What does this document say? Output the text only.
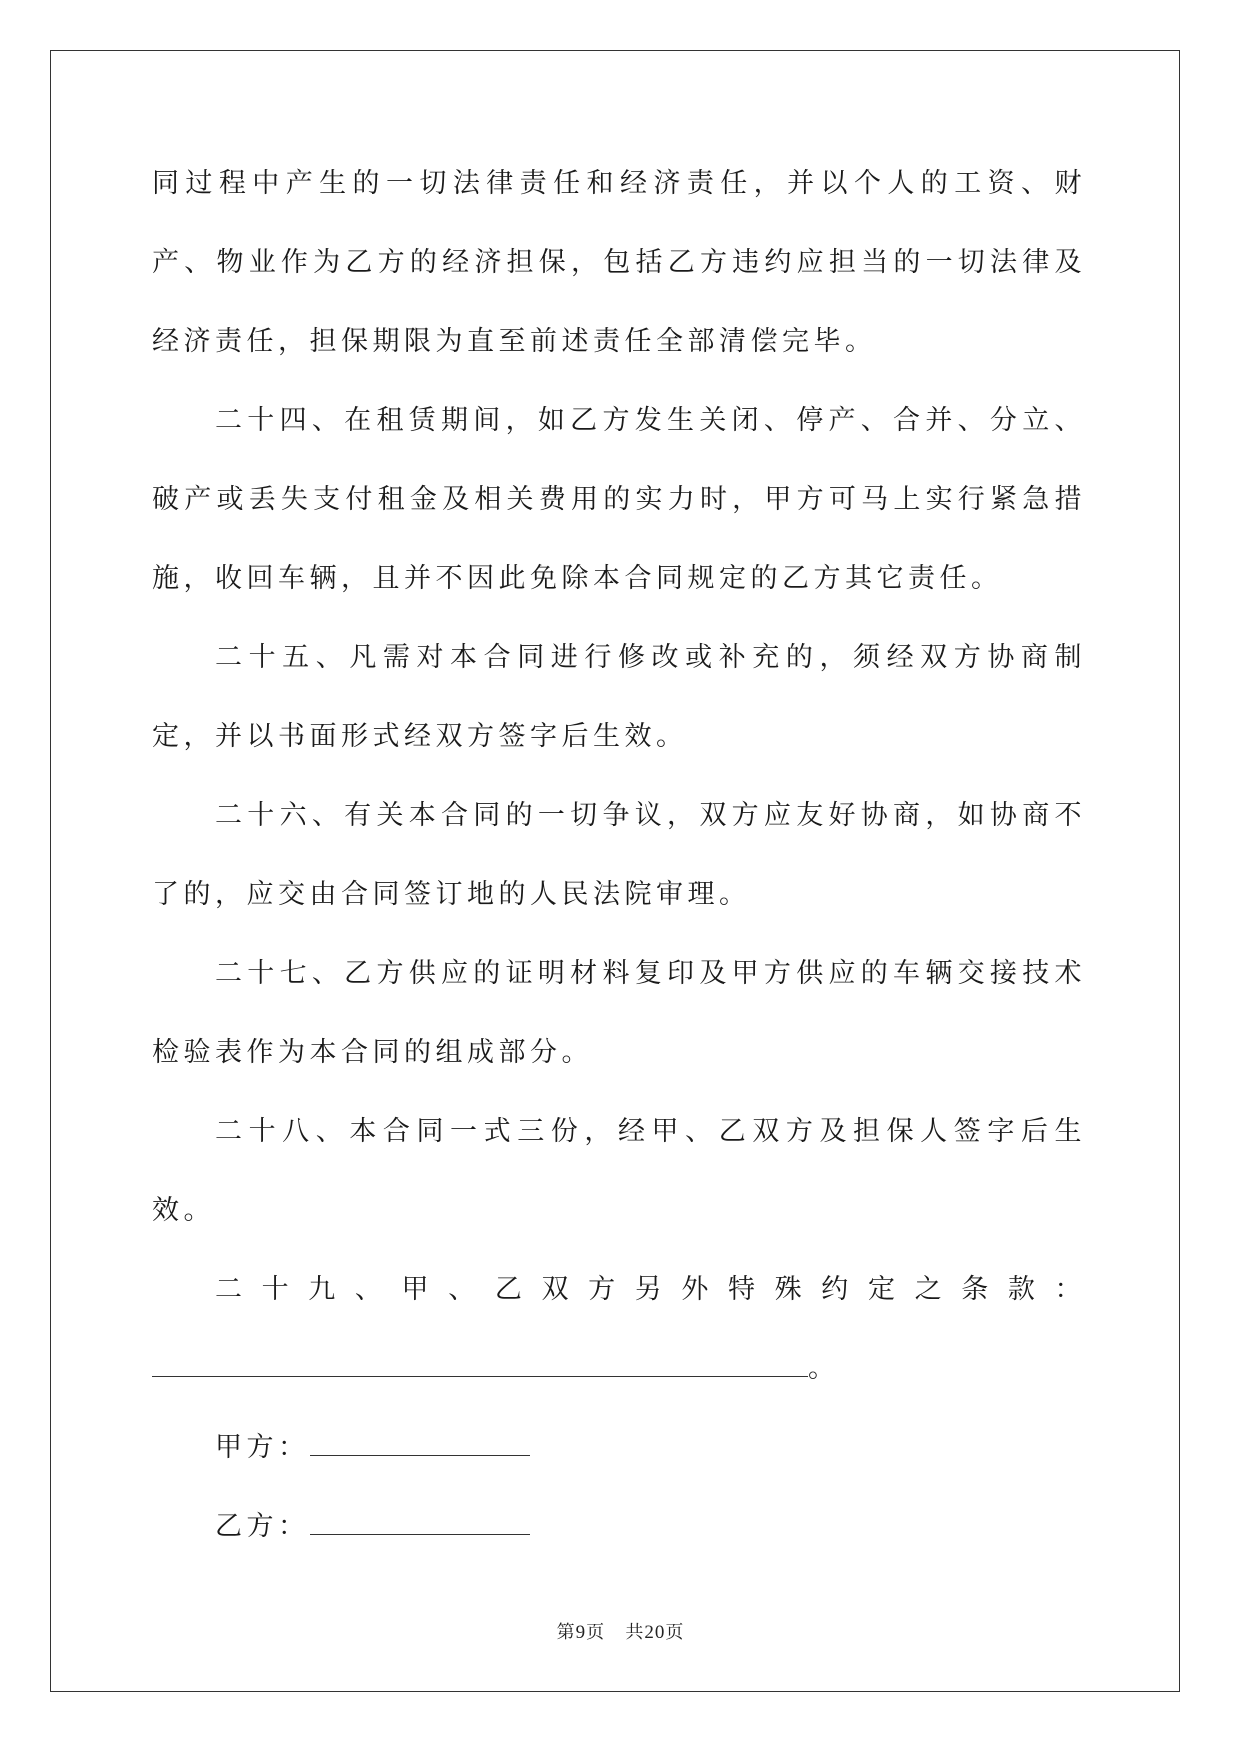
同过程中产生的一切法律责任和经济责任，并以个人的工资、财产、物业作为乙方的经济担保，包括乙方违约应担当的一切法律及经济责任，担保期限为直至前述责任全部清偿完毕。

二十四、在租赁期间，如乙方发生关闭、停产、合并、分立、破产或丢失支付租金及相关费用的实力时，甲方可马上实行紧急措施，收回车辆，且并不因此免除本合同规定的乙方其它责任。

二十五、凡需对本合同进行修改或补充的，须经双方协商制定，并以书面形式经双方签字后生效。

二十六、有关本合同的一切争议，双方应友好协商，如协商不了的，应交由合同签订地的人民法院审理。

二十七、乙方供应的证明材料复印及甲方供应的车辆交接技术检验表作为本合同的组成部分。

二十八、本合同一式三份，经甲、乙双方及担保人签字后生效。

二十九、甲、乙双方另外特殊约定之条款：

。

甲方：

乙方：

第9页 共20页
